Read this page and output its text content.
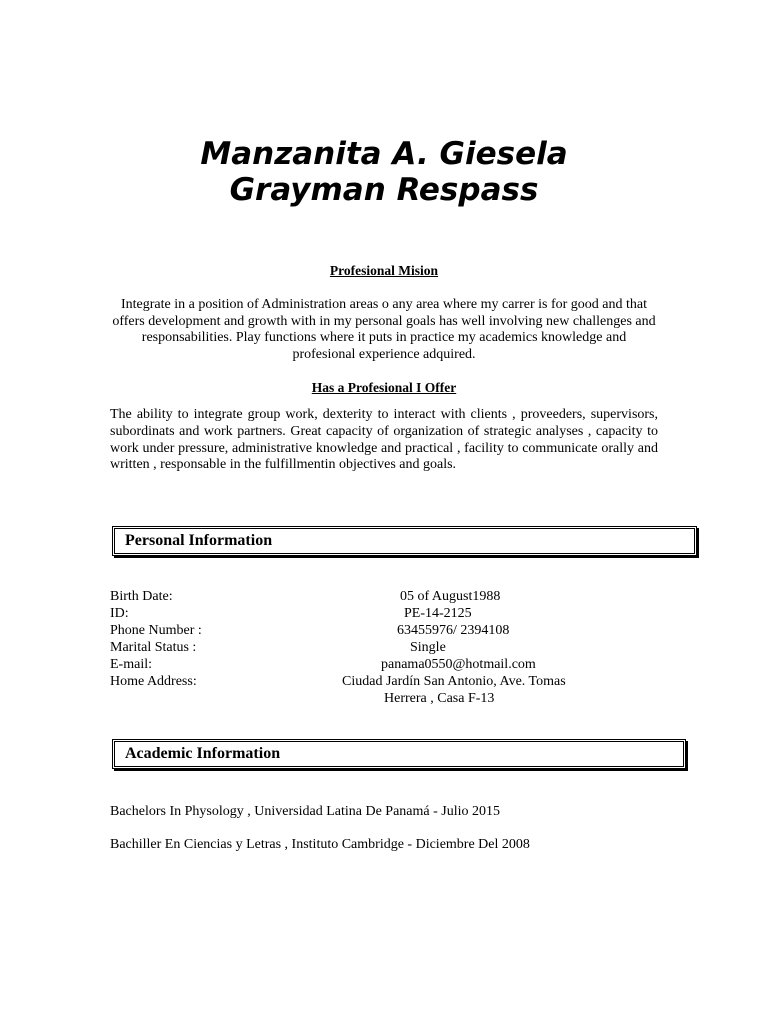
Manzanita A. Giesela
Grayman Respass
Profesional Mision

Integrate in a position of Administration areas o any area where my carrer is for good and that offers development and growth with in my personal goals has well involving new challenges and responsabilities. Play functions where it puts in practice my academics knowledge and profesional experience adquired.

Has a Profesional I Offer

The ability to integrate group work, dexterity to interact with clients , proveeders, supervisors, subordinats and work partners. Great capacity of organization of strategic analyses , capacity to work under pressure, administrative knowledge and practical , facility to communicate orally and written , responsable in the fulfillmentin objectives and goals.

Personal Information
Birth Date:	05 of August1988
ID:	PE-14-2125
Phone Number :	63455976/ 2394108
Marital Status :	Single
E-mail:	panama0550@hotmail.com
Home Address:	Ciudad Jardín San Antonio, Ave. Tomas
Herrera , Casa F-13
Academic Information

Bachelors In Physology , Universidad Latina De Panamá - Julio 2015

Bachiller En Ciencias y Letras , Instituto Cambridge - Diciembre Del 2008
